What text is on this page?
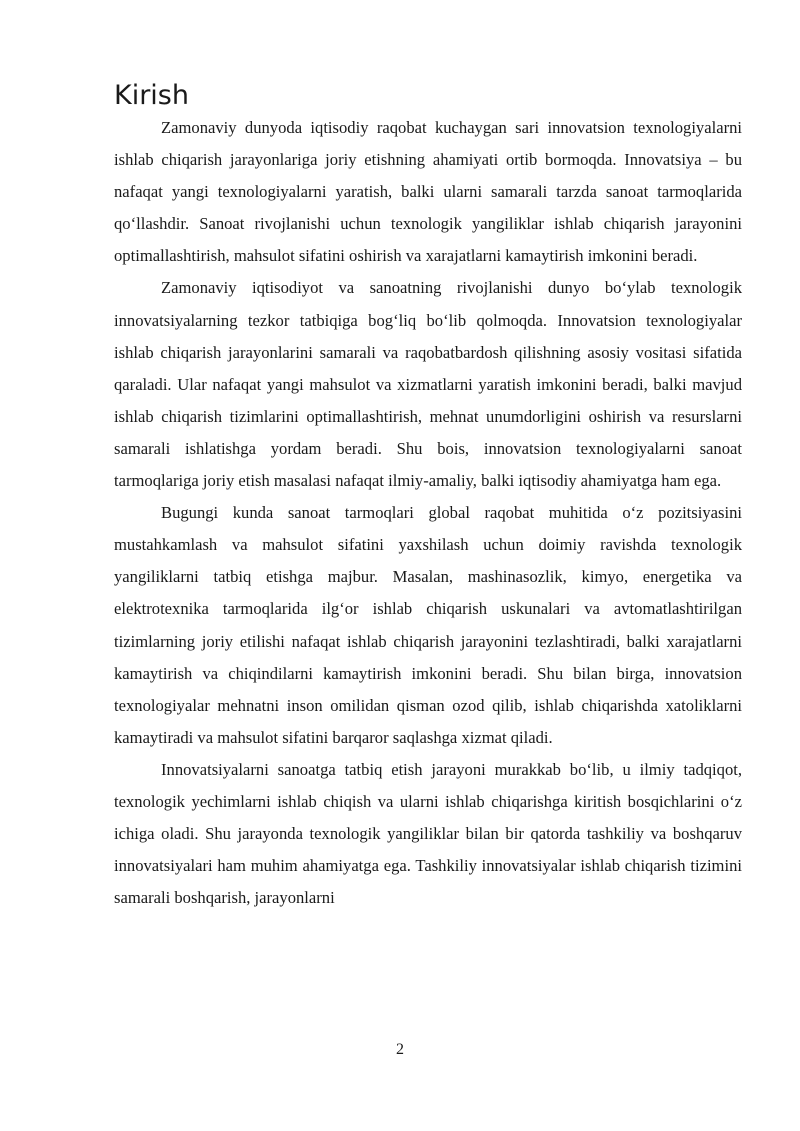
Kirish

Zamonaviy dunyoda iqtisodiy raqobat kuchaygan sari innovatsion texnologiyalarni ishlab chiqarish jarayonlariga joriy etishning ahamiyati ortib bormoqda. Innovatsiya – bu nafaqat yangi texnologiyalarni yaratish, balki ularni samarali tarzda sanoat tarmoqlarida qoʻllashdir. Sanoat rivojlanishi uchun texnologik yangiliklar ishlab chiqarish jarayonini optimallashtirish, mahsulot sifatini oshirish va xarajatlarni kamaytirish imkonini beradi.

Zamonaviy iqtisodiyot va sanoatning rivojlanishi dunyo boʻylab texnologik innovatsiyalarning tezkor tatbiqiga bogʻliq boʻlib qolmoqda. Innovatsion texnologiyalar ishlab chiqarish jarayonlarini samarali va raqobatbardosh qilishning asosiy vositasi sifatida qaraladi. Ular nafaqat yangi mahsulot va xizmatlarni yaratish imkonini beradi, balki mavjud ishlab chiqarish tizimlarini optimallashtirish, mehnat unumdorligini oshirish va resurslarni samarali ishlatishga yordam beradi. Shu bois, innovatsion texnologiyalarni sanoat tarmoqlariga joriy etish masalasi nafaqat ilmiy-amaliy, balki iqtisodiy ahamiyatga ham ega.

Bugungi kunda sanoat tarmoqlari global raqobat muhitida oʻz pozitsiyasini mustahkamlash va mahsulot sifatini yaxshilash uchun doimiy ravishda texnologik yangiliklarni tatbiq etishga majbur. Masalan, mashinasozlik, kimyo, energetika va elektrotexnika tarmoqlarida ilgʻor ishlab chiqarish uskunalari va avtomatlashtirilgan tizimlarning joriy etilishi nafaqat ishlab chiqarish jarayonini tezlashtiradi, balki xarajatlarni kamaytirish va chiqindilarni kamaytirish imkonini beradi. Shu bilan birga, innovatsion texnologiyalar mehnatni inson omilidan qisman ozod qilib, ishlab chiqarishda xatoliklarni kamaytiradi va mahsulot sifatini barqaror saqlashga xizmat qiladi.

Innovatsiyalarni sanoatga tatbiq etish jarayoni murakkab boʻlib, u ilmiy tadqiqot, texnologik yechimlarni ishlab chiqish va ularni ishlab chiqarishga kiritish bosqichlarini oʻz ichiga oladi. Shu jarayonda texnologik yangiliklar bilan bir qatorda tashkiliy va boshqaruv innovatsiyalari ham muhim ahamiyatga ega. Tashkiliy innovatsiyalar ishlab chiqarish tizimini samarali boshqarish, jarayonlarni

2
